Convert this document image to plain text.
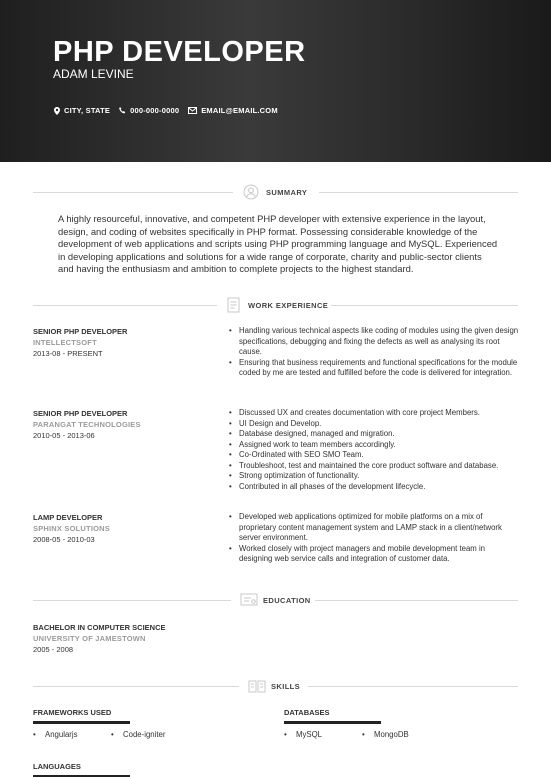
PHP DEVELOPER
ADAM LEVINE
CITY, STATE	000-000-0000	EMAIL@EMAIL.COM
SUMMARY
A highly resourceful, innovative, and competent PHP developer with extensive experience in the layout, design, and coding of websites specifically in PHP format. Possessing considerable knowledge of the development of web applications and scripts using PHP programming language and MySQL. Experienced in developing applications and solutions for a wide range of corporate, charity and public-sector clients and having the enthusiasm and ambition to complete projects to the highest standard.
WORK EXPERIENCE
SENIOR PHP DEVELOPER
INTELLECTSOFT
2013-08 - PRESENT
• Handling various technical aspects like coding of modules using the given design specifications, debugging and fixing the defects as well as analysing its root cause.
• Ensuring that business requirements and functional specifications for the module coded by me are tested and fulfilled before the code is delivered for integration.
SENIOR PHP DEVELOPER
PARANGAT TECHNOLOGIES
2010-05 - 2013-06
• Discussed UX and creates documentation with core project Members.
• UI Design and Develop.
• Database designed, managed and migration.
• Assigned work to team members accordingly.
• Co-Ordinated with SEO SMO Team.
• Troubleshoot, test and maintained the core product software and database.
• Strong optimization of functionality.
• Contributed in all phases of the development lifecycle.
LAMP DEVELOPER
SPHINX SOLUTIONS
2008-05 - 2010-03
• Developed web applications optimized for mobile platforms on a mix of proprietary content management system and LAMP stack in a client/network server environment.
• Worked closely with project managers and mobile development team in designing web service calls and integration of customer data.
EDUCATION
BACHELOR IN COMPUTER SCIENCE
UNIVERSITY OF JAMESTOWN
2005 - 2008
SKILLS
FRAMEWORKS USED
• Angularjs	• Code-igniter
DATABASES
• MySQL	• MongoDB
LANGUAGES
